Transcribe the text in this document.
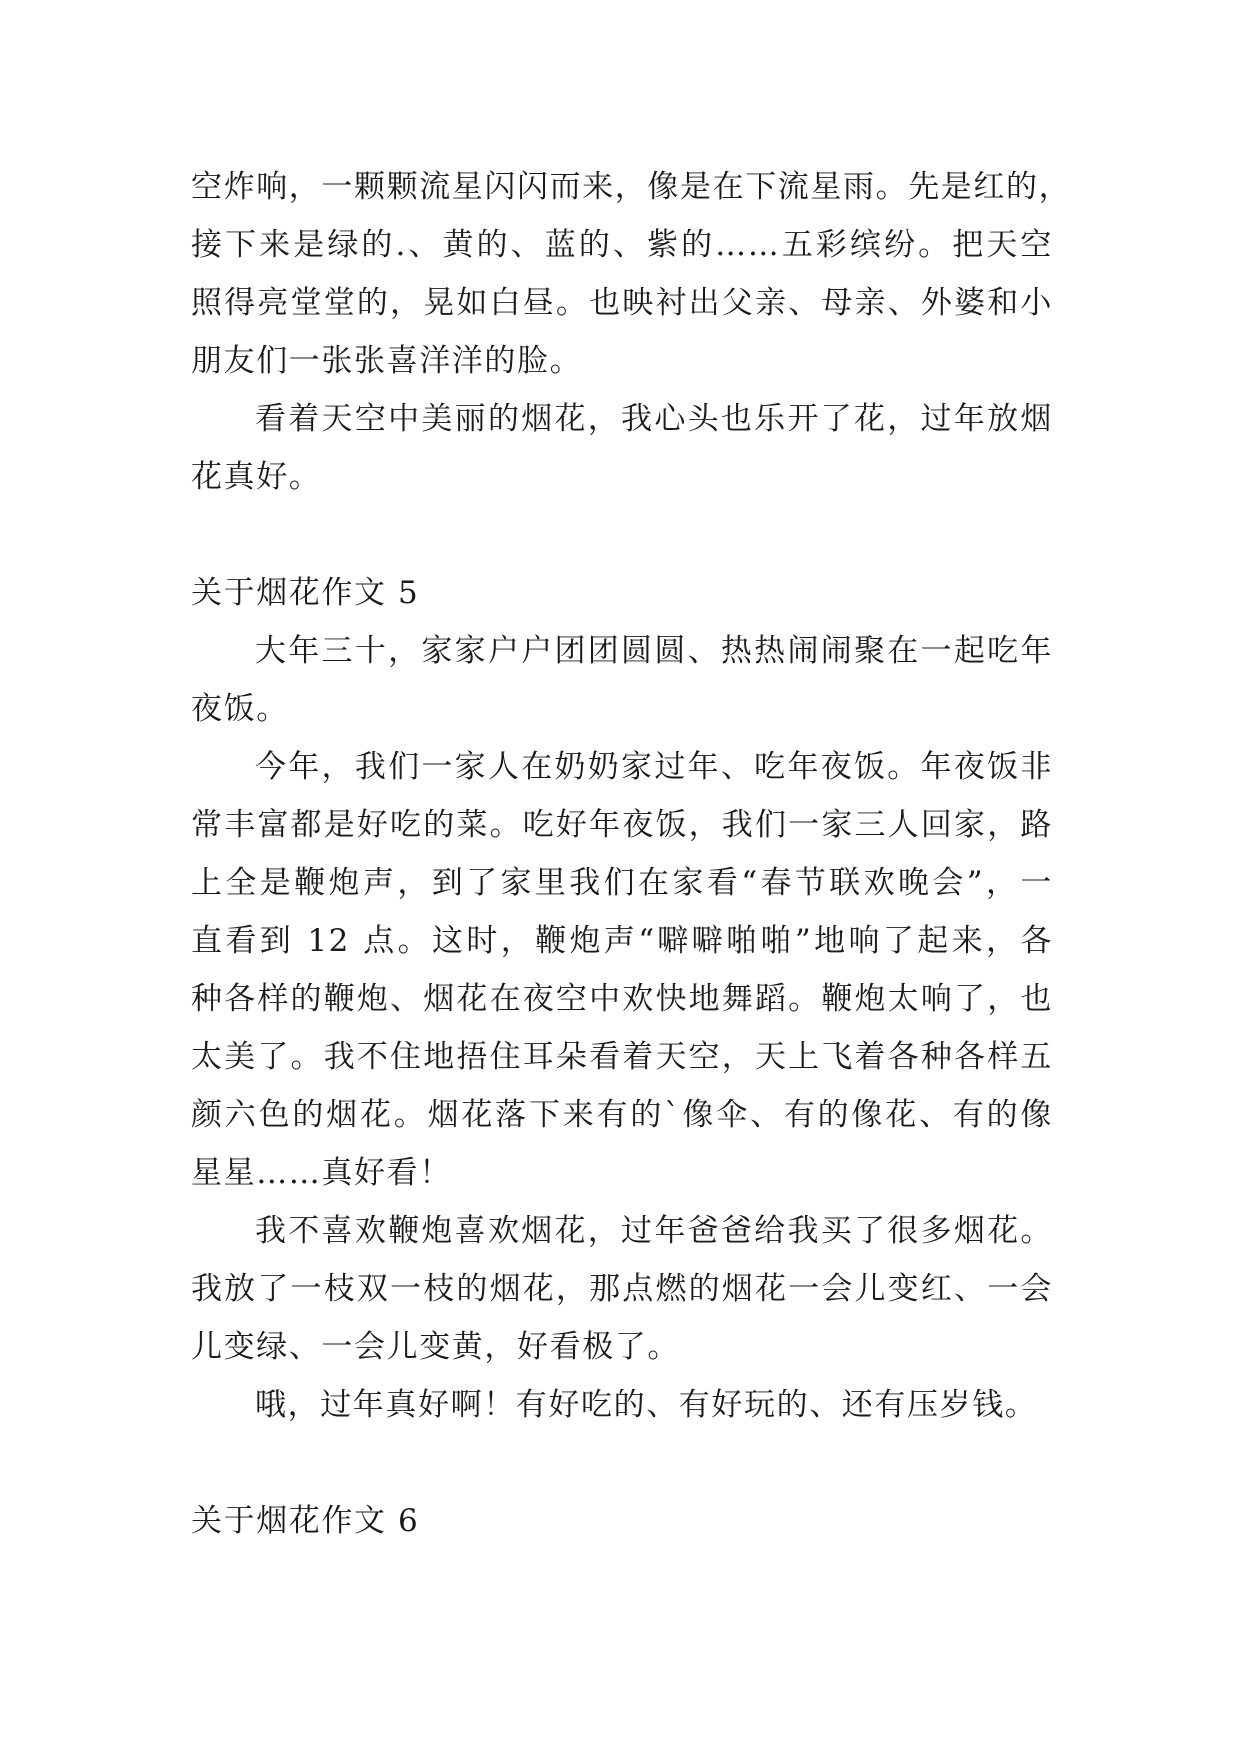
空炸响，一颗颗流星闪闪而来，像是在下流星雨。先是红的，
接下来是绿的.、黄的、蓝的、紫的……五彩缤纷。把天空
照得亮堂堂的，晃如白昼。也映衬出父亲、母亲、外婆和小
朋友们一张张喜洋洋的脸。
看着天空中美丽的烟花，我心头也乐开了花，过年放烟
花真好。
关于烟花作文 5
大年三十，家家户户团团圆圆、热热闹闹聚在一起吃年
夜饭。
今年，我们一家人在奶奶家过年、吃年夜饭。年夜饭非
常丰富都是好吃的菜。吃好年夜饭，我们一家三人回家，路
上全是鞭炮声，到了家里我们在家看“春节联欢晚会”，一
直看到 12 点。这时，鞭炮声“噼噼啪啪”地响了起来，各
种各样的鞭炮、烟花在夜空中欢快地舞蹈。鞭炮太响了，也
太美了。我不住地捂住耳朵看着天空，天上飞着各种各样五
颜六色的烟花。烟花落下来有的`像伞、有的像花、有的像
星星……真好看！
我不喜欢鞭炮喜欢烟花，过年爸爸给我买了很多烟花。
我放了一枝双一枝的烟花，那点燃的烟花一会儿变红、一会
儿变绿、一会儿变黄，好看极了。
哦，过年真好啊！有好吃的、有好玩的、还有压岁钱。
关于烟花作文 6
